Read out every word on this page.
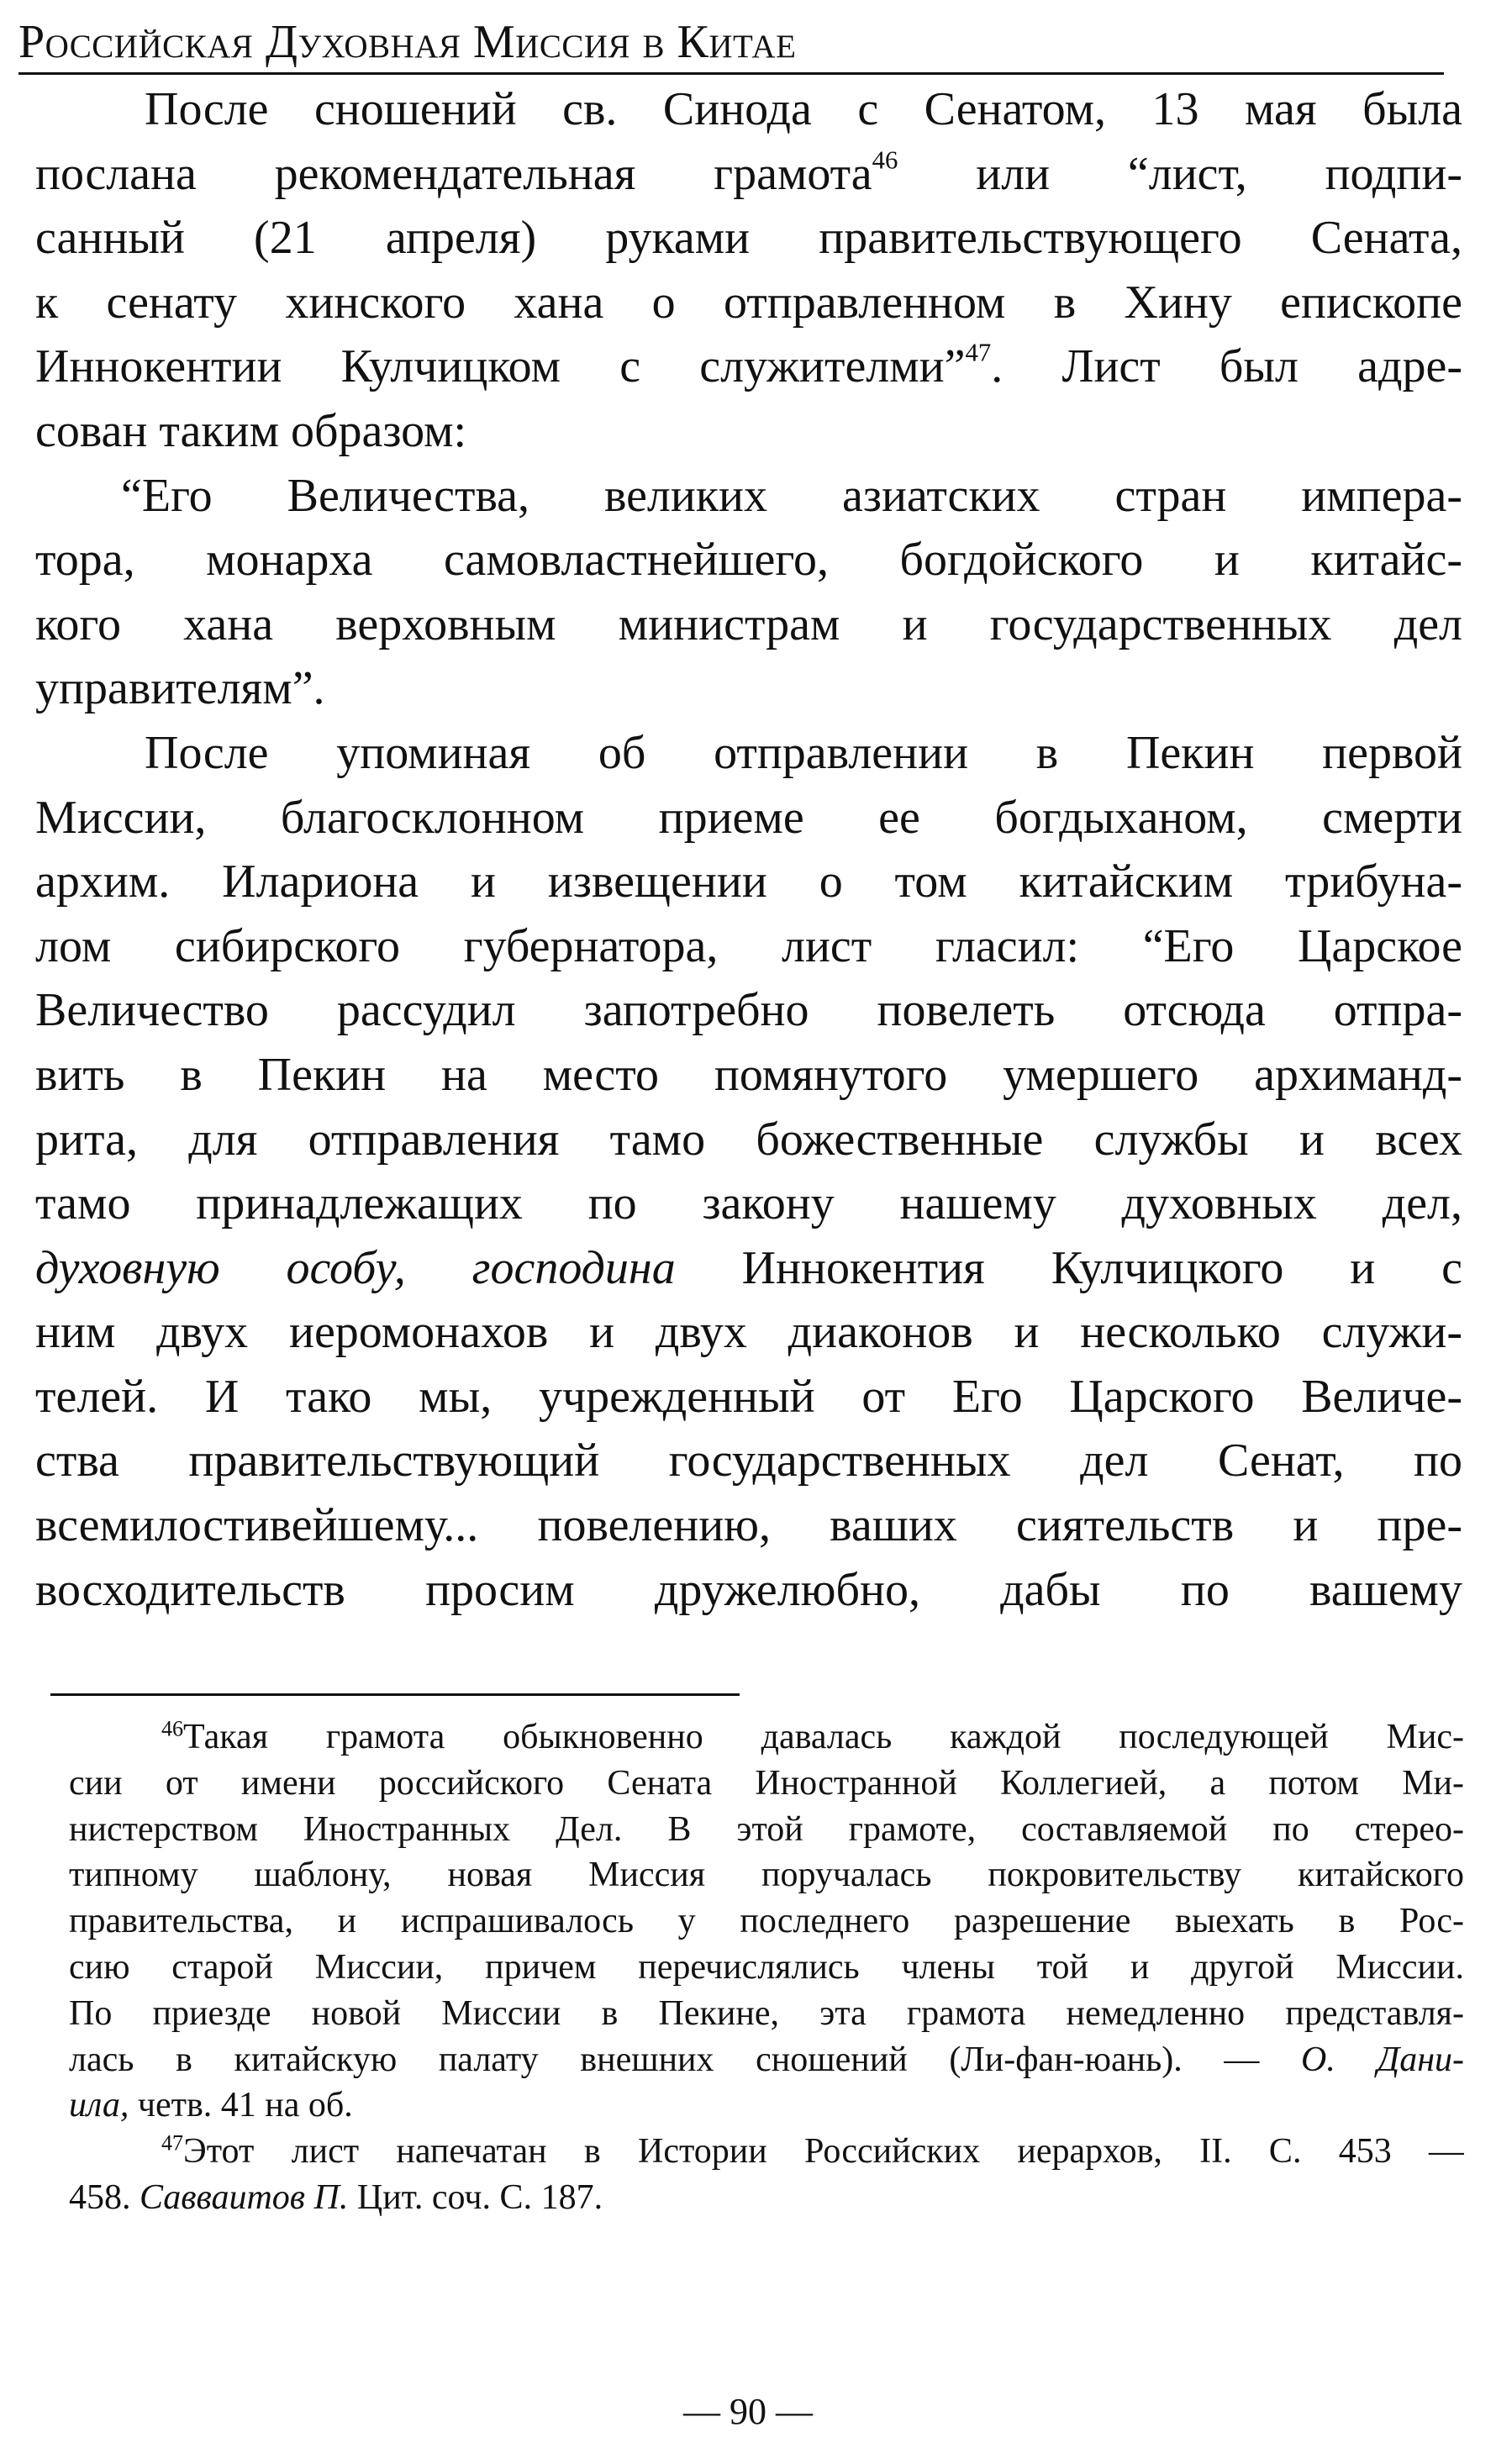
Российская Духовная Миссия в Китае
После сношений св. Синода с Сенатом, 13 мая была
послана рекомендательная грамота$^{46}$ или “лист, подпи-
санный (21 апреля) руками правительствующего Сената,
к сенату хинского хана о отправленном в Хину епископе
Иннокентии Кулчицком с служителми”$^{47}$. Лист был адре-
сован таким образом:
“Его Величества, великих азиатских стран импера-
тора, монарха самовластнейшего, богдойского и китайс-
кого хана верховным министрам и государственных дел
управителям”.
После упоминая об отправлении в Пекин первой
Миссии, благосклонном приеме ее богдыханом, смерти
архим. Илариона и извещении о том китайским трибуна-
лом сибирского губернатора, лист гласил: “Его Царское
Величество рассудил запотребно повелеть отсюда отпра-
вить в Пекин на место помянутого умершего архиманд-
рита, для отправления тамо божественные службы и всех
тамо принадлежащих по закону нашему духовных дел,
духовную особу, господина Иннокентия Кулчицкого и с
ним двух иеромонахов и двух диаконов и несколько служи-
телей. И тако мы, учрежденный от Его Царского Величе-
ства правительствующий государственных дел Сенат, по
всемилостивейшему... повелению, ваших сиятельств и пре-
восходительств просим дружелюбно, дабы по вашему
$^{46}$Такая грамота обыкновенно давалась каждой последующей Мис-
сии от имени российского Сената Иностранной Коллегией, а потом Ми-
нистерством Иностранных Дел. В этой грамоте, составляемой по стерео-
типному шаблону, новая Миссия поручалась покровительству китайского
правительства, и испрашивалось у последнего разрешение выехать в Рос-
сию старой Миссии, причем перечислялись члены той и другой Миссии.
По приезде новой Миссии в Пекине, эта грамота немедленно представля-
лась в китайскую палату внешних сношений (Ли-фан-юань). — О. Дани-
ила, четв. 41 на об.
$^{47}$Этот лист напечатан в Истории Российских иерархов, II. С. 453 —
458. Савваитов П. Цит. соч. С. 187.
— 90 —
